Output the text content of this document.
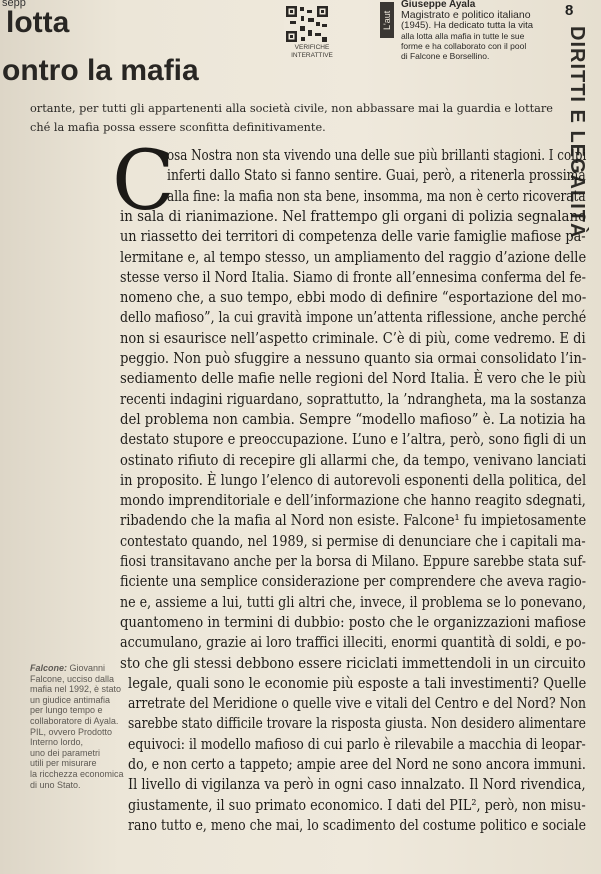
sepp
lotta
ontro la mafia
VERIFICHE INTERATTIVE
L'aut
Giuseppe Ayala
Magistrato e politico italiano
(1945). Ha dedicato tutta la vita
alla lotta alla mafia in tutte le sue
forme e ha collaborato con il pool
di Falcone e Borsellino.
8
DIRITTI E LEGALITÀ
ortante, per tutti gli appartenenti alla società civile, non abbassare mai la guardia e lottare
ché la mafia possa essere sconfitta definitivamente.
C
osa Nostra non sta vivendo una delle sue più brillanti stagioni. I colpi
inferti dallo Stato si fanno sentire. Guai, però, a ritenerla prossima
alla fine: la mafia non sta bene, insomma, ma non è certo ricoverata
in sala di rianimazione. Nel frattempo gli organi di polizia segnalano
un riassetto dei territori di competenza delle varie famiglie mafiose pa-
lermitane e, al tempo stesso, un ampliamento del raggio d’azione delle
stesse verso il Nord Italia. Siamo di fronte all’ennesima conferma del fe-
nomeno che, a suo tempo, ebbi modo di definire “esportazione del mo-
dello mafioso”, la cui gravità impone un’attenta riflessione, anche perché
non si esaurisce nell’aspetto criminale. C’è di più, come vedremo. E di
peggio. Non può sfuggire a nessuno quanto sia ormai consolidato l’in-
sediamento delle mafie nelle regioni del Nord Italia. È vero che le più
recenti indagini riguardano, soprattutto, la ’ndrangheta, ma la sostanza
del problema non cambia. Sempre “modello mafioso” è. La notizia ha
destato stupore e preoccupazione. L’uno e l’altra, però, sono figli di un
ostinato rifiuto di recepire gli allarmi che, da tempo, venivano lanciati
in proposito. È lungo l’elenco di autorevoli esponenti della politica, del
mondo imprenditoriale e dell’informazione che hanno reagito sdegnati,
ribadendo che la mafia al Nord non esiste. Falcone¹ fu impietosamente
contestato quando, nel 1989, si permise di denunciare che i capitali ma-
fiosi transitavano anche per la borsa di Milano. Eppure sarebbe stata suf-
ficiente una semplice considerazione per comprendere che aveva ragio-
ne e, assieme a lui, tutti gli altri che, invece, il problema se lo ponevano,
quantomeno in termini di dubbio: posto che le organizzazioni mafiose
accumulano, grazie ai loro traffici illeciti, enormi quantità di soldi, e po-
sto che gli stessi debbono essere riciclati immettendoli in un circuito
legale, quali sono le economie più esposte a tali investimenti? Quelle
arretrate del Meridione o quelle vive e vitali del Centro e del Nord? Non
sarebbe stato difficile trovare la risposta giusta. Non desidero alimentare
equivoci: il modello mafioso di cui parlo è rilevabile a macchia di leopar-
do, e non certo a tappeto; ampie aree del Nord ne sono ancora immuni.
Il livello di vigilanza va però in ogni caso innalzato. Il Nord rivendica,
giustamente, il suo primato economico. I dati del PIL², però, non misu-
rano tutto e, meno che mai, lo scadimento del costume politico e sociale
Falcone: Giovanni
Falcone, ucciso dalla
mafia nel 1992, è stato
un giudice antimafia
per lungo tempo e
collaboratore di Ayala.
PIL, ovvero Prodotto
Interno lordo,
uno dei parametri
utili per misurare
la ricchezza economica
di uno Stato.
